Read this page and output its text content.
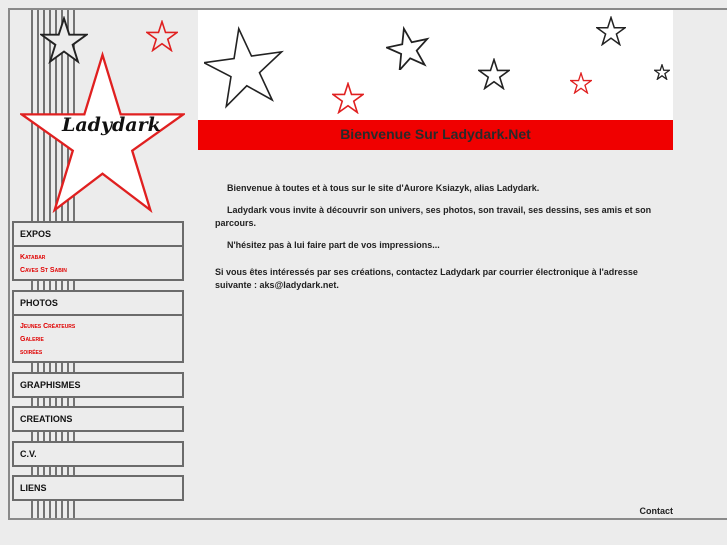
Ladydark
EXPOS
Katabar
Caves St Sabin
PHOTOS
Jeunes Créateurs
Galerie
soirées
GRAPHISMES
CREATIONS
C.V.
LIENS
Bienvenue Sur Ladydark.Net

Bienvenue à toutes et à tous sur le site d'Aurore Ksiazyk, alias Ladydark.

Ladydark vous invite à découvrir son univers, ses photos, son travail, ses dessins, ses amis et son parcours.

N'hésitez pas à lui faire part de vos impressions...

Si vous êtes intéressés par ses créations, contactez Ladydark par courrier électronique à l'adresse suivante : aks@ladydark.net.

Contact
